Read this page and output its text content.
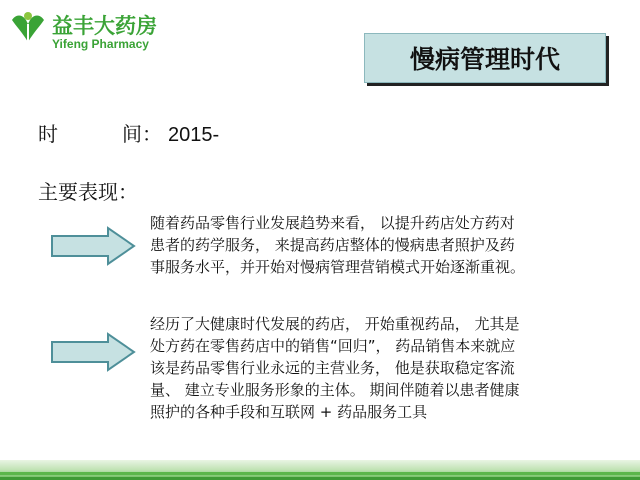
益丰大药房
Yifeng Pharmacy
慢病管理时代
时	间： 2015-
主要表现：
随着药品零售行业发展趋势来看， 以提升药店处方药对
患者的药学服务， 来提高药店整体的慢病患者照护及药
事服务水平，并开始对慢病管理营销模式开始逐渐重视。
经历了大健康时代发展的药店， 开始重视药品， 尤其是
处方药在零售药店中的销售“回归”， 药品销售本来就应
该是药品零售行业永远的主营业务， 他是获取稳定客流
量、 建立专业服务形象的主体。 期间伴随着以患者健康
照护的各种手段和互联网 + 药品服务工具
